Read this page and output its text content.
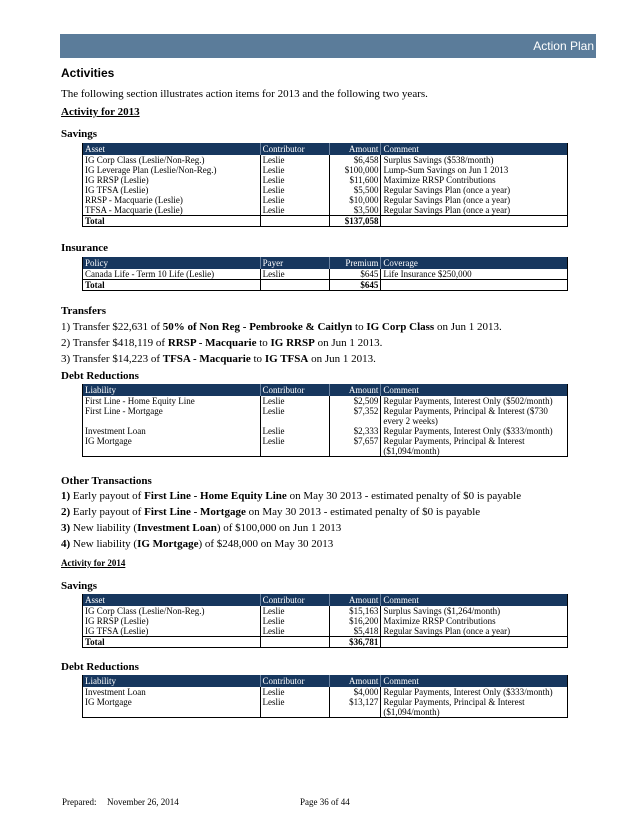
Action Plan
Activities
The following section illustrates action items for 2013 and the following two years.
Activity for 2013
Savings
Asset	Contributor	Amount	Comment
IG Corp Class (Leslie/Non-Reg.)	Leslie	$6,458	Surplus Savings ($538/month)
IG Leverage Plan (Leslie/Non-Reg.)	Leslie	$100,000	Lump-Sum Savings on Jun 1 2013
IG RRSP (Leslie)	Leslie	$11,600	Maximize RRSP Contributions
IG TFSA (Leslie)	Leslie	$5,500	Regular Savings Plan (once a year)
RRSP - Macquarie (Leslie)	Leslie	$10,000	Regular Savings Plan (once a year)
TFSA - Macquarie (Leslie)	Leslie	$3,500	Regular Savings Plan (once a year)
Total		$137,058	
Insurance
Policy	Payer	Premium	Coverage
Canada Life - Term 10 Life (Leslie)	Leslie	$645	Life Insurance $250,000
Total		$645	
Transfers
1) Transfer $22,631 of 50% of Non Reg - Pembrooke & Caitlyn to IG Corp Class on Jun 1 2013.
2) Transfer $418,119 of RRSP - Macquarie to IG RRSP on Jun 1 2013.
3) Transfer $14,223 of TFSA - Macquarie to IG TFSA on Jun 1 2013.
Debt Reductions
Liability	Contributor	Amount	Comment
First Line - Home Equity Line	Leslie	$2,509	Regular Payments, Interest Only ($502/month)
First Line - Mortgage	Leslie	$7,352	Regular Payments, Principal & Interest ($730 every 2 weeks)
Investment Loan	Leslie	$2,333	Regular Payments, Interest Only ($333/month)
IG Mortgage	Leslie	$7,657	Regular Payments, Principal & Interest ($1,094/month)
Other Transactions
1) Early payout of First Line - Home Equity Line on May 30 2013 - estimated penalty of $0 is payable
2) Early payout of First Line - Mortgage on May 30 2013 - estimated penalty of $0 is payable
3) New liability (Investment Loan) of $100,000 on Jun 1 2013
4) New liability (IG Mortgage) of $248,000 on May 30 2013
Activity for 2014
Savings
Asset	Contributor	Amount	Comment
IG Corp Class (Leslie/Non-Reg.)	Leslie	$15,163	Surplus Savings ($1,264/month)
IG RRSP (Leslie)	Leslie	$16,200	Maximize RRSP Contributions
IG TFSA (Leslie)	Leslie	$5,418	Regular Savings Plan (once a year)
Total		$36,781	
Debt Reductions
Liability	Contributor	Amount	Comment
Investment Loan	Leslie	$4,000	Regular Payments, Interest Only ($333/month)
IG Mortgage	Leslie	$13,127	Regular Payments, Principal & Interest ($1,094/month)
Prepared: November 26, 2014	Page 36 of 44
